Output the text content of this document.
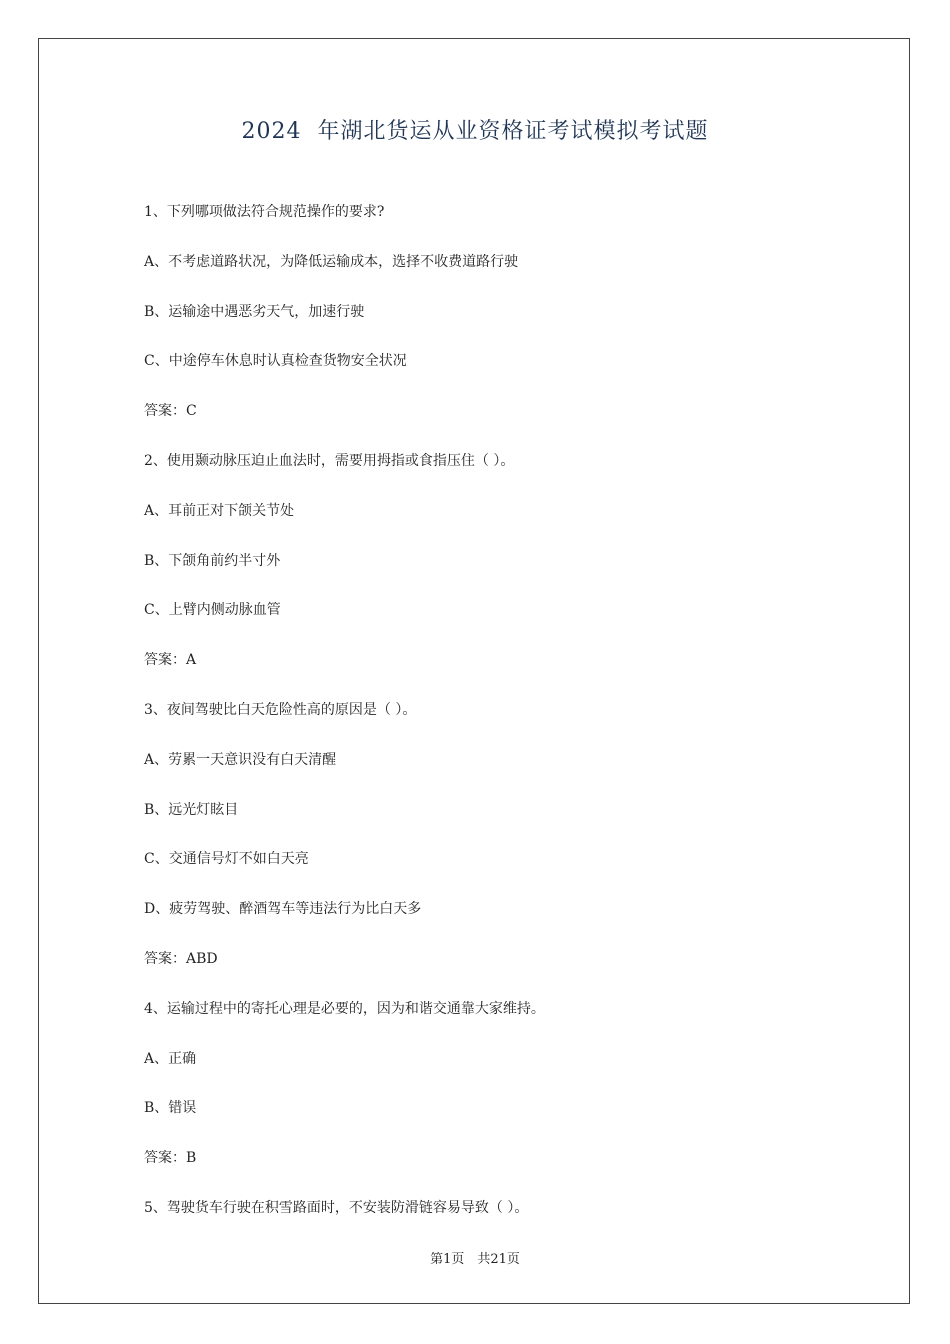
2024  年湖北货运从业资格证考试模拟考试题
1、下列哪项做法符合规范操作的要求?
A、不考虑道路状况，为降低运输成本，选择不收费道路行驶
B、运输途中遇恶劣天气，加速行驶
C、中途停车休息时认真检查货物安全状况
答案：C
2、使用颞动脉压迫止血法时，需要用拇指或食指压住（ ）。
A、耳前正对下颌关节处
B、下颌角前约半寸外
C、上臂内侧动脉血管
答案：A
3、夜间驾驶比白天危险性高的原因是（ ）。
A、劳累一天意识没有白天清醒
B、远光灯眩目
C、交通信号灯不如白天亮
D、疲劳驾驶、醉酒驾车等违法行为比白天多
答案：ABD
4、运输过程中的寄托心理是必要的，因为和谐交通靠大家维持。
A、正确
B、错误
答案：B
5、驾驶货车行驶在积雪路面时，不安装防滑链容易导致（ ）。
第1页　共21页
